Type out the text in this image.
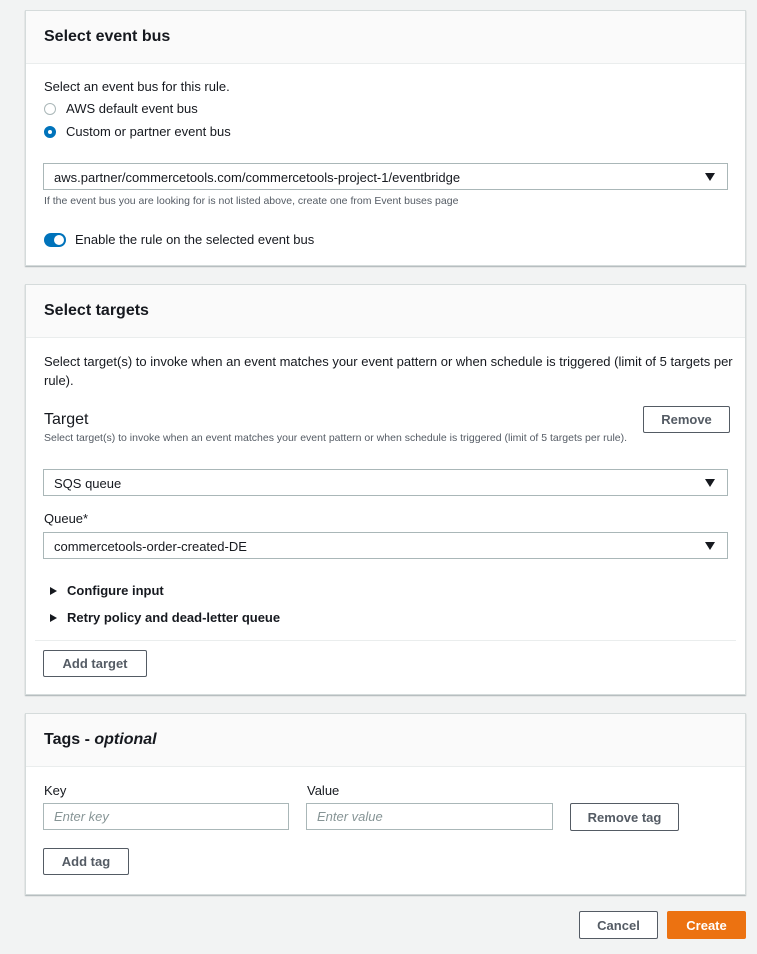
Select event bus
Select an event bus for this rule.
AWS default event bus
Custom or partner event bus
aws.partner/commercetools.com/commercetools-project-1/eventbridge
If the event bus you are looking for is not listed above, create one from Event buses page
Enable the rule on the selected event bus
Select targets
Select target(s) to invoke when an event matches your event pattern or when schedule is triggered (limit of 5 targets per rule).
Target	Remove
Select target(s) to invoke when an event matches your event pattern or when schedule is triggered (limit of 5 targets per rule).
SQS queue
Queue*
commercetools-order-created-DE
Configure input
Retry policy and dead-letter queue
Add target
Tags - optional
Key	Value
Enter key
Enter value
Remove tag
Add tag
Cancel	Create
